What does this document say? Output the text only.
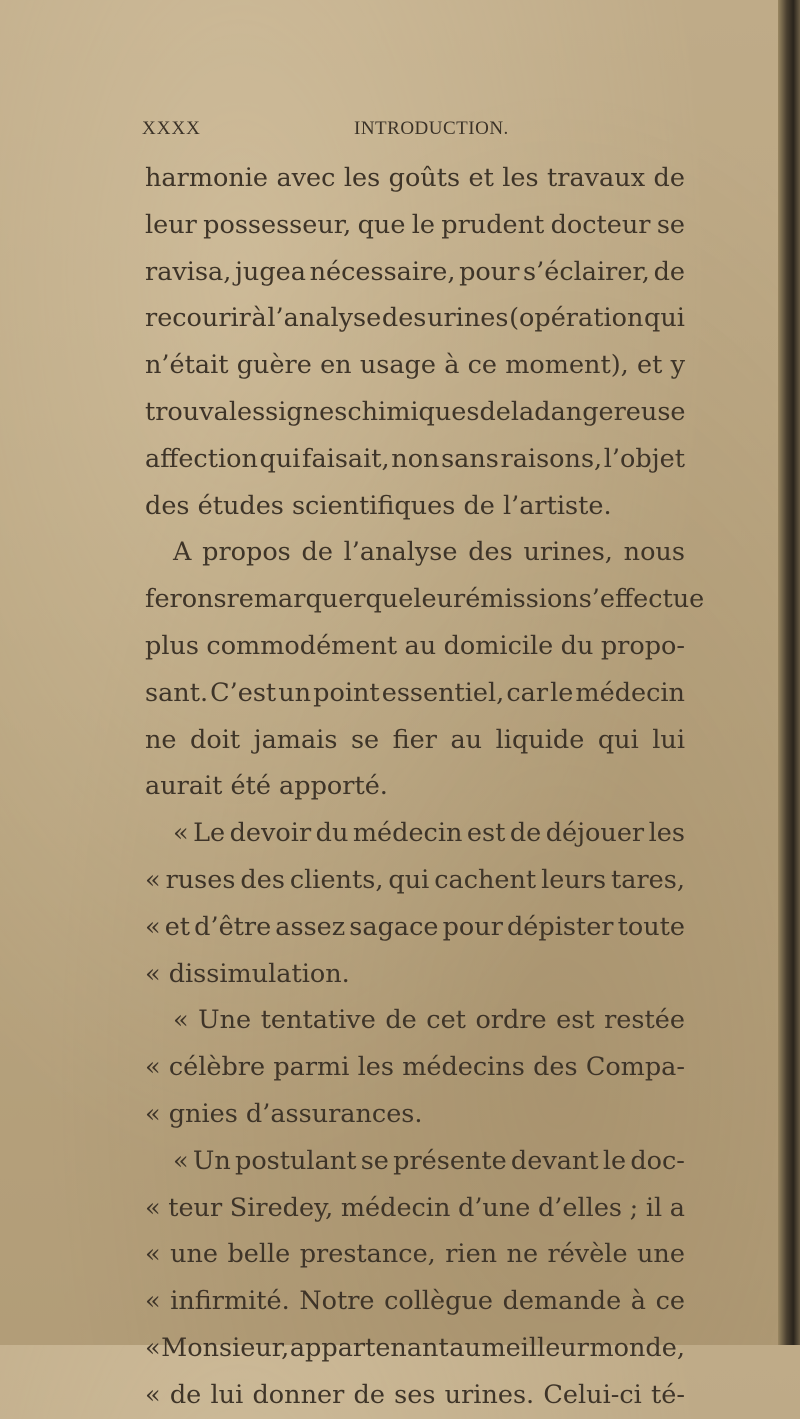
XXXX	INTRODUCTION.
harmonie avec les goûts et les travaux de
leur possesseur, que le prudent docteur se
ravisa, jugea nécessaire, pour s’éclairer, de
recourir à l’analyse des urines (opération qui
n’était guère en usage à ce moment), et y
trouva les signes chimiques de la dangereuse
affection qui faisait, non sans raisons, l’objet
des études scientifiques de l’artiste.
A propos de l’analyse des urines, nous
ferons remarquer que leur émission s’effectue
plus commodément au domicile du propo-
sant. C’est un point essentiel, car le médecin
ne doit jamais se fier au liquide qui lui
aurait été apporté.
« Le devoir du médecin est de déjouer les
« ruses des clients, qui cachent leurs tares,
« et d’être assez sagace pour dépister toute
« dissimulation.
« Une tentative de cet ordre est restée
« célèbre parmi les médecins des Compa-
« gnies d’assurances.
« Un postulant se présente devant le doc-
« teur Siredey, médecin d’une d’elles ; il a
« une belle prestance, rien ne révèle une
« infirmité. Notre collègue demande à ce
« Monsieur, appartenant au meilleur monde,
« de lui donner de ses urines. Celui-ci té-
